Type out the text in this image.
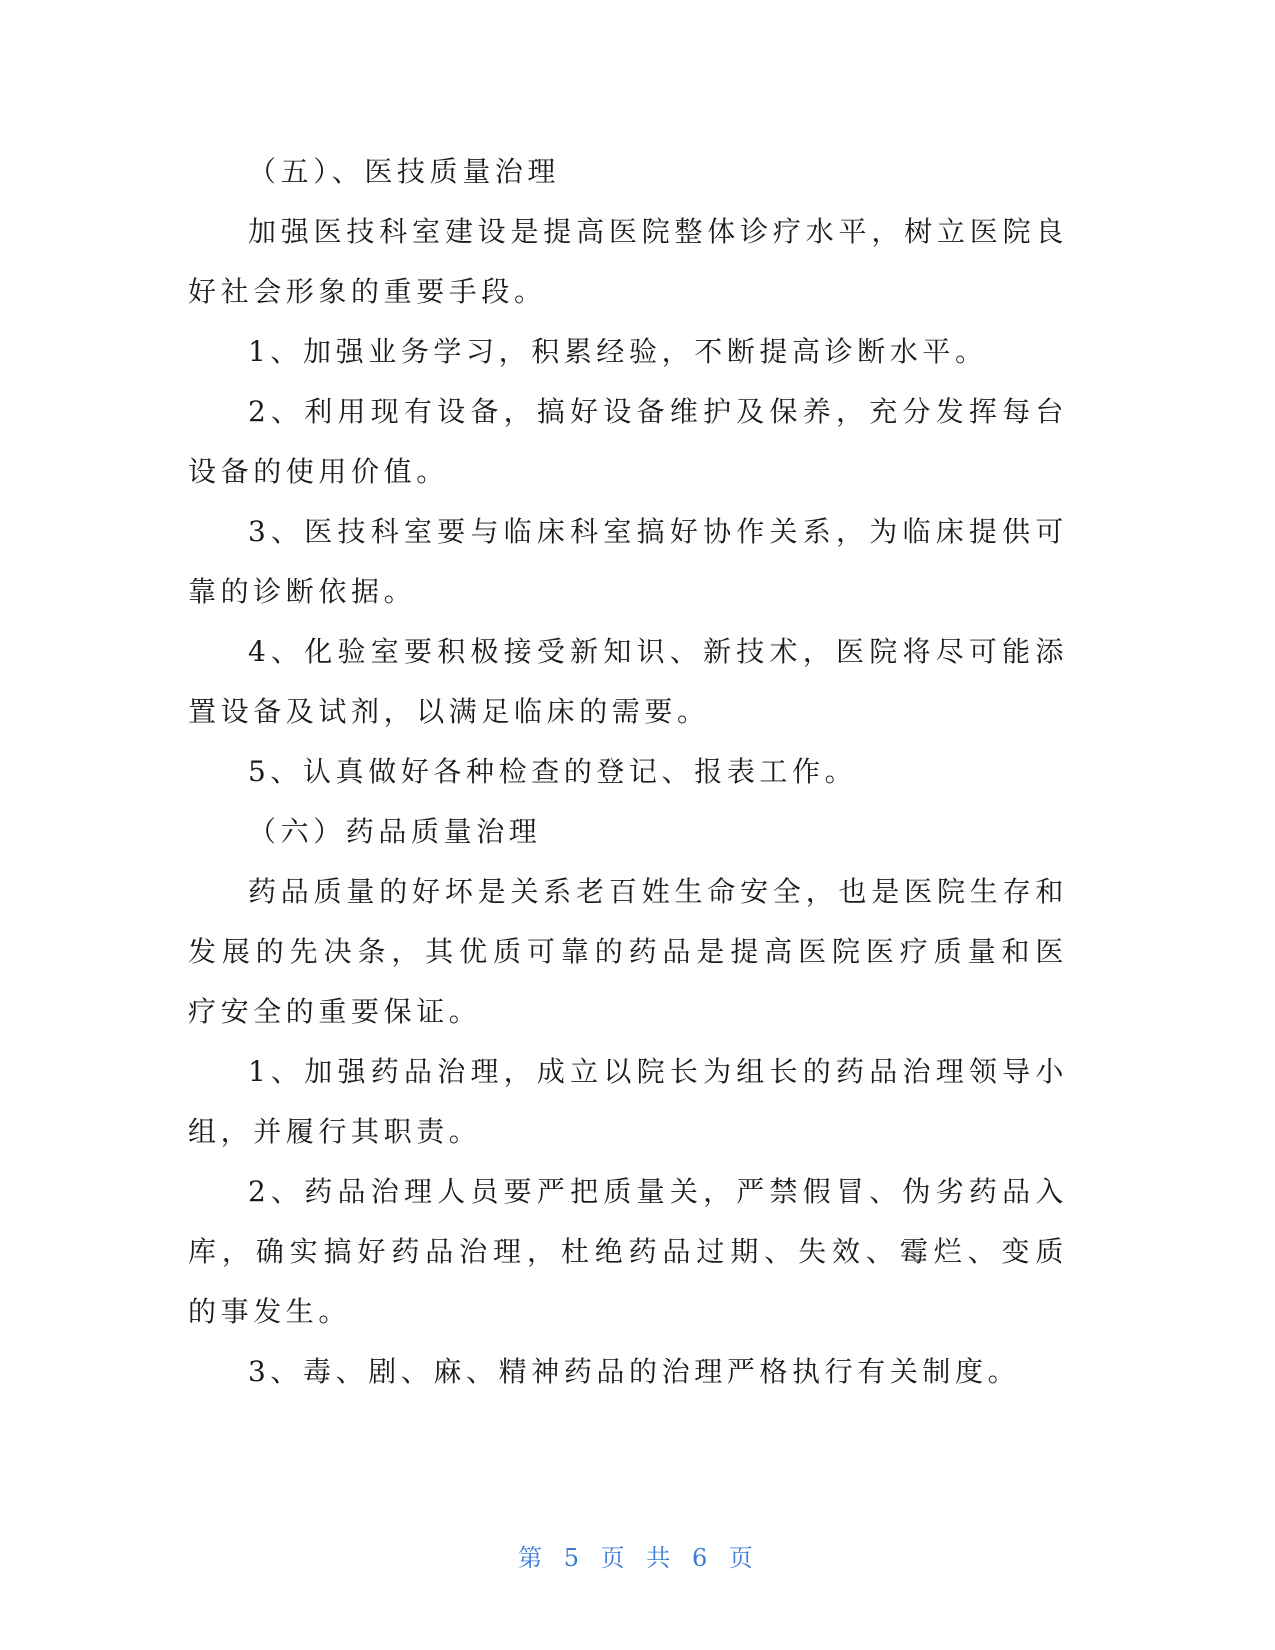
（五）、医技质量治理

加强医技科室建设是提高医院整体诊疗水平，树立医院良好社会形象的重要手段。

1、加强业务学习，积累经验，不断提高诊断水平。

2、利用现有设备，搞好设备维护及保养，充分发挥每台设备的使用价值。

3、医技科室要与临床科室搞好协作关系，为临床提供可靠的诊断依据。

4、化验室要积极接受新知识、新技术，医院将尽可能添置设备及试剂，以满足临床的需要。

5、认真做好各种检查的登记、报表工作。

（六）药品质量治理

药品质量的好坏是关系老百姓生命安全，也是医院生存和发展的先决条，其优质可靠的药品是提高医院医疗质量和医疗安全的重要保证。

1、加强药品治理，成立以院长为组长的药品治理领导小组，并履行其职责。

2、药品治理人员要严把质量关，严禁假冒、伪劣药品入库，确实搞好药品治理，杜绝药品过期、失效、霉烂、变质的事发生。

3、毒、剧、麻、精神药品的治理严格执行有关制度。

第 5 页 共 6 页
